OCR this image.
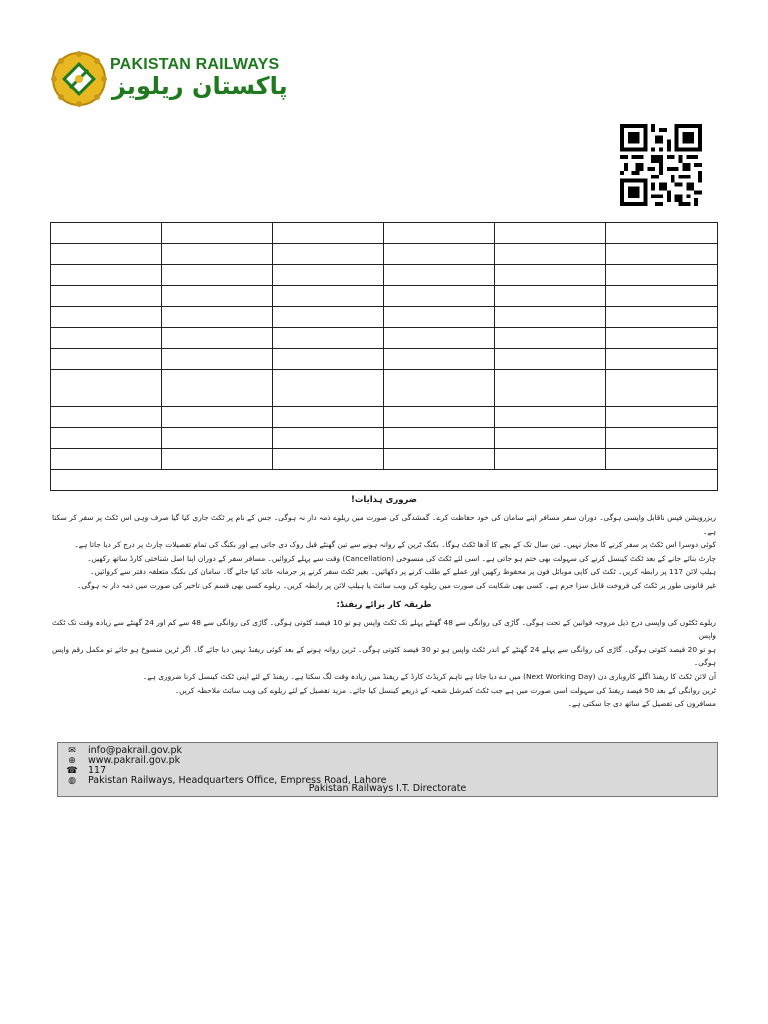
PAKISTAN RAILWAYS
پاکستان ریلویز

ضروری ہدایات!

ریزرویشن فیس ناقابل واپسی ہوگی۔ دوران سفر مسافر اپنے سامان کی خود حفاظت کرے۔ گمشدگی کی صورت میں ریلوے ذمہ دار نہ ہوگی۔ جس کے نام پر ٹکٹ جاری کیا گیا صرف وہی اس ٹکٹ پر سفر کر سکتا ہے۔

کوئی دوسرا اس ٹکٹ پر سفر کرنے کا مجاز نہیں۔ تین سال تک کے بچے کا آدھا ٹکٹ ہوگا۔ بکنگ ٹرین کے روانہ ہونے سے تین گھنٹے قبل روک دی جاتی ہے اور بکنگ کی تمام تفصیلات چارٹ پر درج کر دیا جاتا ہے۔

چارٹ بنائے جانے کے بعد ٹکٹ کینسل کرنے کی سہولت بھی ختم ہو جاتی ہے۔ اسی لئے ٹکٹ کی منسوخی (Cancellation) وقت سے پہلے کروائیں۔ مسافر سفر کے دوران اپنا اصل شناختی کارڈ ساتھ رکھیں۔

ہیلپ لائن 117 پر رابطہ کریں۔ ٹکٹ کی کاپی موبائل فون پر محفوظ رکھیں اور عملے کے طلب کرنے پر دکھائیں۔ بغیر ٹکٹ سفر کرنے پر جرمانہ عائد کیا جائے گا۔ سامان کی بکنگ متعلقہ دفتر سے کروائیں۔

غیر قانونی طور پر ٹکٹ کی فروخت قابل سزا جرم ہے۔ کسی بھی شکایت کی صورت میں ریلوے کی ویب سائٹ یا ہیلپ لائن پر رابطہ کریں۔ ریلوے کسی بھی قسم کی تاخیر کی صورت میں ذمہ دار نہ ہوگی۔

طریقہ کار برائے ریفنڈ:

ریلوے ٹکٹوں کی واپسی درج ذیل مروجہ قوانین کے تحت ہوگی۔ گاڑی کی روانگی سے 48 گھنٹے پہلے تک ٹکٹ واپس ہو تو 10 فیصد کٹوتی ہوگی۔ گاڑی کی روانگی سے 48 سے کم اور 24 گھنٹے سے زیادہ وقت تک ٹکٹ واپس

ہو تو 20 فیصد کٹوتی ہوگی۔ گاڑی کی روانگی سے پہلے 24 گھنٹے کے اندر ٹکٹ واپس ہو تو 30 فیصد کٹوتی ہوگی۔ ٹرین روانہ ہونے کے بعد کوئی ریفنڈ نہیں دیا جائے گا۔ اگر ٹرین منسوخ ہو جائے تو مکمل رقم واپس ہوگی۔

آن لائن ٹکٹ کا ریفنڈ اگلے کاروباری دن (Next Working Day) میں دے دیا جاتا ہے تاہم کریڈٹ کارڈ کے ریفنڈ میں زیادہ وقت لگ سکتا ہے۔ ریفنڈ کے لئے اپنی ٹکٹ کینسل کرنا ضروری ہے۔

ٹرین روانگی کے بعد 50 فیصد ریفنڈ کی سہولت اسی صورت میں ہے جب ٹکٹ کمرشل شعبہ کے ذریعے کینسل کیا جائے۔ مزید تفصیل کے لئے ریلوے کی ویب سائٹ ملاحظہ کریں۔

مسافروں کی تفصیل کے ساتھ دی جا سکتی ہے۔

✉	info@pakrail.gov.pk
⊕	www.pakrail.gov.pk
☎ 117
◍	Pakistan Railways, Headquarters Office, Empress Road, Lahore
Pakistan Railways I.T. Directorate
